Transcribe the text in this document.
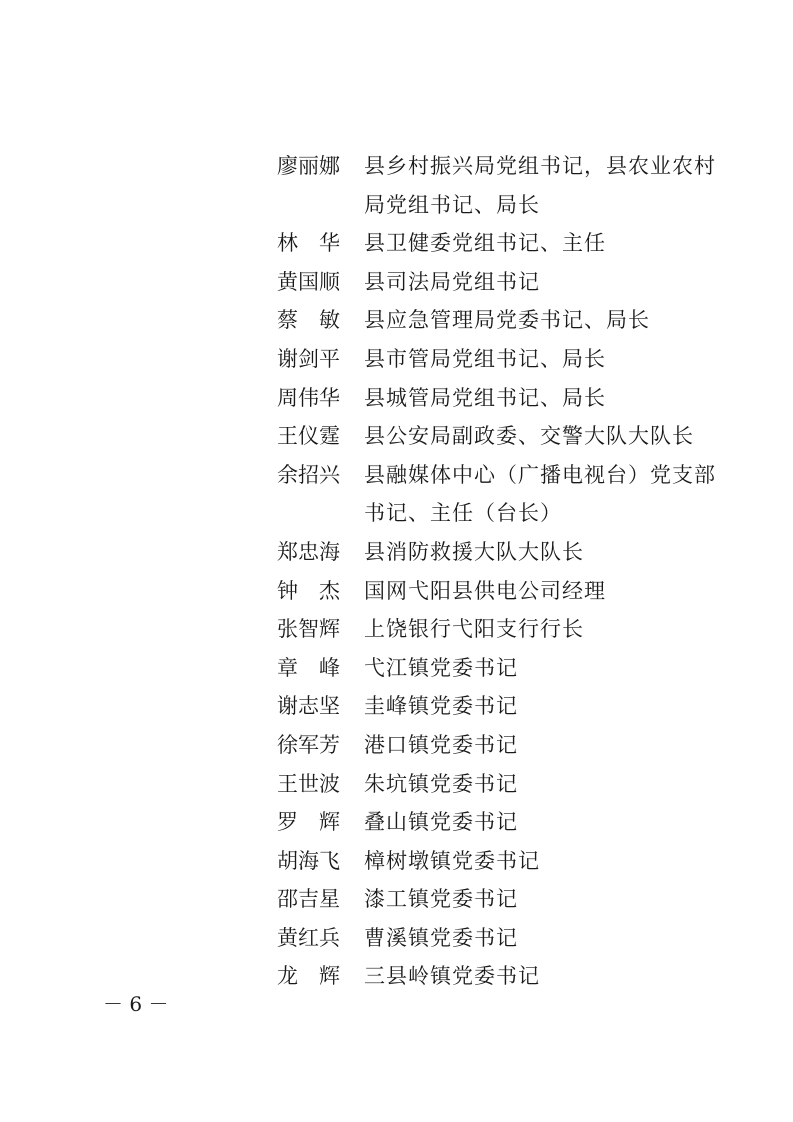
廖丽娜	县乡村振兴局党组书记，县农业农村局党组书记、局长
林华 县卫健委党组书记、主任
黄国顺	县司法局党组书记
蔡敏 县应急管理局党委书记、局长
谢剑平	县市管局党组书记、局长
周伟华	县城管局党组书记、局长
王仪霆	县公安局副政委、交警大队大队长
余招兴	县融媒体中心（广播电视台）党支部书记、主任（台长）
郑忠海	县消防救援大队大队长
钟杰 国网弋阳县供电公司经理
张智辉	上饶银行弋阳支行行长
章峰 弋江镇党委书记
谢志坚	圭峰镇党委书记
徐军芳	港口镇党委书记
王世波	朱坑镇党委书记
罗辉 叠山镇党委书记
胡海飞	樟树墩镇党委书记
邵吉星	漆工镇党委书记
黄红兵	曹溪镇党委书记
龙辉 三县岭镇党委书记
－ 6 －
